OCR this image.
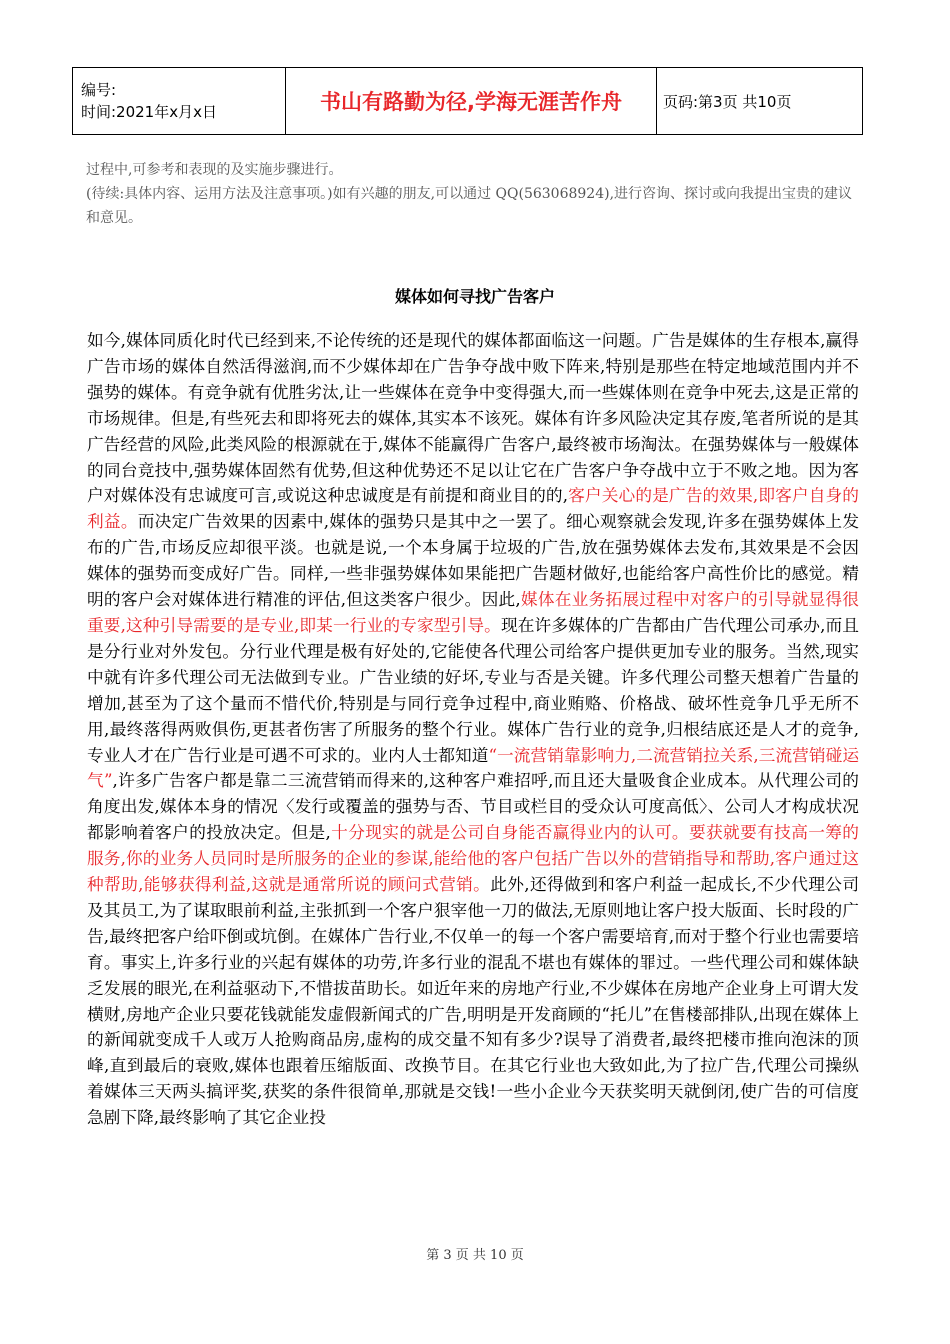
编号:
时间:2021年x月x日	书山有路勤为径,学海无涯苦作舟	页码:第3页 共10页

过程中,可参考和表现的及实施步骤进行。

(待续:具体内容、运用方法及注意事项。)如有兴趣的朋友,可以通过 QQ(563068924),进行咨询、探讨或向我提出宝贵的建议和意见。

媒体如何寻找广告客户

如今,媒体同质化时代已经到来,不论传统的还是现代的媒体都面临这一问题。广告是媒体的生存根本,赢得广告市场的媒体自然活得滋润,而不少媒体却在广告争夺战中败下阵来,特别是那些在特定地域范围内并不强势的媒体。有竞争就有优胜劣汰,让一些媒体在竞争中变得强大,而一些媒体则在竞争中死去,这是正常的市场规律。但是,有些死去和即将死去的媒体,其实本不该死。媒体有许多风险决定其存废,笔者所说的是其广告经营的风险,此类风险的根源就在于,媒体不能赢得广告客户,最终被市场淘汰。在强势媒体与一般媒体的同台竞技中,强势媒体固然有优势,但这种优势还不足以让它在广告客户争夺战中立于不败之地。因为客户对媒体没有忠诚度可言,或说这种忠诚度是有前提和商业目的的,客户关心的是广告的效果,即客户自身的利益。而决定广告效果的因素中,媒体的强势只是其中之一罢了。细心观察就会发现,许多在强势媒体上发布的广告,市场反应却很平淡。也就是说,一个本身属于垃圾的广告,放在强势媒体去发布,其效果是不会因媒体的强势而变成好广告。同样,一些非强势媒体如果能把广告题材做好,也能给客户高性价比的感觉。精明的客户会对媒体进行精准的评估,但这类客户很少。因此,媒体在业务拓展过程中对客户的引导就显得很重要,这种引导需要的是专业,即某一行业的专家型引导。现在许多媒体的广告都由广告代理公司承办,而且是分行业对外发包。分行业代理是极有好处的,它能使各代理公司给客户提供更加专业的服务。当然,现实中就有许多代理公司无法做到专业。广告业绩的好坏,专业与否是关键。许多代理公司整天想着广告量的增加,甚至为了这个量而不惜代价,特别是与同行竞争过程中,商业贿赂、价格战、破坏性竞争几乎无所不用,最终落得两败俱伤,更甚者伤害了所服务的整个行业。媒体广告行业的竞争,归根结底还是人才的竞争,专业人才在广告行业是可遇不可求的。业内人士都知道“一流营销靠影响力,二流营销拉关系,三流营销碰运气”,许多广告客户都是靠二三流营销而得来的,这种客户难招呼,而且还大量吸食企业成本。从代理公司的角度出发,媒体本身的情况〈发行或覆盖的强势与否、节目或栏目的受众认可度高低〉、公司人才构成状况都影响着客户的投放决定。但是,十分现实的就是公司自身能否赢得业内的认可。要获就要有技高一筹的服务,你的业务人员同时是所服务的企业的参谋,能给他的客户包括广告以外的营销指导和帮助,客户通过这种帮助,能够获得利益,这就是通常所说的顾问式营销。此外,还得做到和客户利益一起成长,不少代理公司及其员工,为了谋取眼前利益,主张抓到一个客户狠宰他一刀的做法,无原则地让客户投大版面、长时段的广告,最终把客户给吓倒或坑倒。在媒体广告行业,不仅单一的每一个客户需要培育,而对于整个行业也需要培育。事实上,许多行业的兴起有媒体的功劳,许多行业的混乱不堪也有媒体的罪过。一些代理公司和媒体缺乏发展的眼光,在利益驱动下,不惜拔苗助长。如近年来的房地产行业,不少媒体在房地产企业身上可谓大发横财,房地产企业只要花钱就能发虚假新闻式的广告,明明是开发商顾的“托儿”在售楼部排队,出现在媒体上的新闻就变成千人或万人抢购商品房,虚构的成交量不知有多少?误导了消费者,最终把楼市推向泡沫的顶峰,直到最后的衰败,媒体也跟着压缩版面、改换节目。在其它行业也大致如此,为了拉广告,代理公司操纵着媒体三天两头搞评奖,获奖的条件很简单,那就是交钱!一些小企业今天获奖明天就倒闭,使广告的可信度急剧下降,最终影响了其它企业投

第 3 页 共 10 页
